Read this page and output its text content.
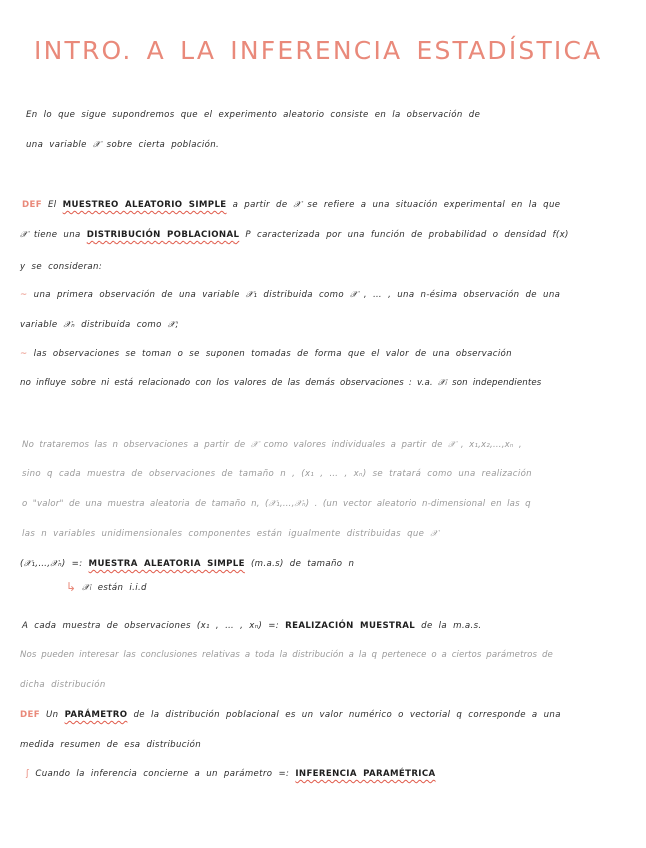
INTRO. A LA INFERENCIA ESTADÍSTICA
En lo que sigue supondremos que el experimento aleatorio consiste en la observación de
una variable 𝒳 sobre cierta población.
DEF El MUESTREO ALEATORIO SIMPLE a partir de 𝒳 se refiere a una situación experimental en la que
𝒳 tiene una DISTRIBUCIÓN POBLACIONAL P caracterizada por una función de probabilidad o densidad f(x)
y se consideran:
~ una primera observación de una variable 𝒳₁ distribuida como 𝒳 , … , una n-ésima observación de una
variable 𝒳ₙ distribuida como 𝒳;
~ las observaciones se toman o se suponen tomadas de forma que el valor de una observación
no influye sobre ni está relacionado con los valores de las demás observaciones : v.a. 𝒳ᵢ son independientes
No trataremos las n observaciones a partir de 𝒳 como valores individuales a partir de 𝒳 , x₁,x₂,…,xₙ ,
sino q cada muestra de observaciones de tamaño n , (x₁ , … , xₙ) se tratará como una realización
o "valor" de una muestra aleatoria de tamaño n, (𝒳₁,…,𝒳ₙ) . (un vector aleatorio n-dimensional en las q
las n variables unidimensionales componentes están igualmente distribuidas que 𝒳
(𝒳₁,…,𝒳ₙ) =: MUESTRA ALEATORIA SIMPLE (m.a.s) de tamaño n
↳ 𝒳ᵢ están i.i.d
A cada muestra de observaciones (x₁ , … , xₙ) =: REALIZACIÓN MUESTRAL de la m.a.s.
Nos pueden interesar las conclusiones relativas a toda la distribución a la q pertenece o a ciertos parámetros de
dicha distribución
DEF Un PARÁMETRO de la distribución poblacional es un valor numérico o vectorial q corresponde a una
medida resumen de esa distribución
ʃ Cuando la inferencia concierne a un parámetro =: INFERENCIA PARAMÉTRICA
